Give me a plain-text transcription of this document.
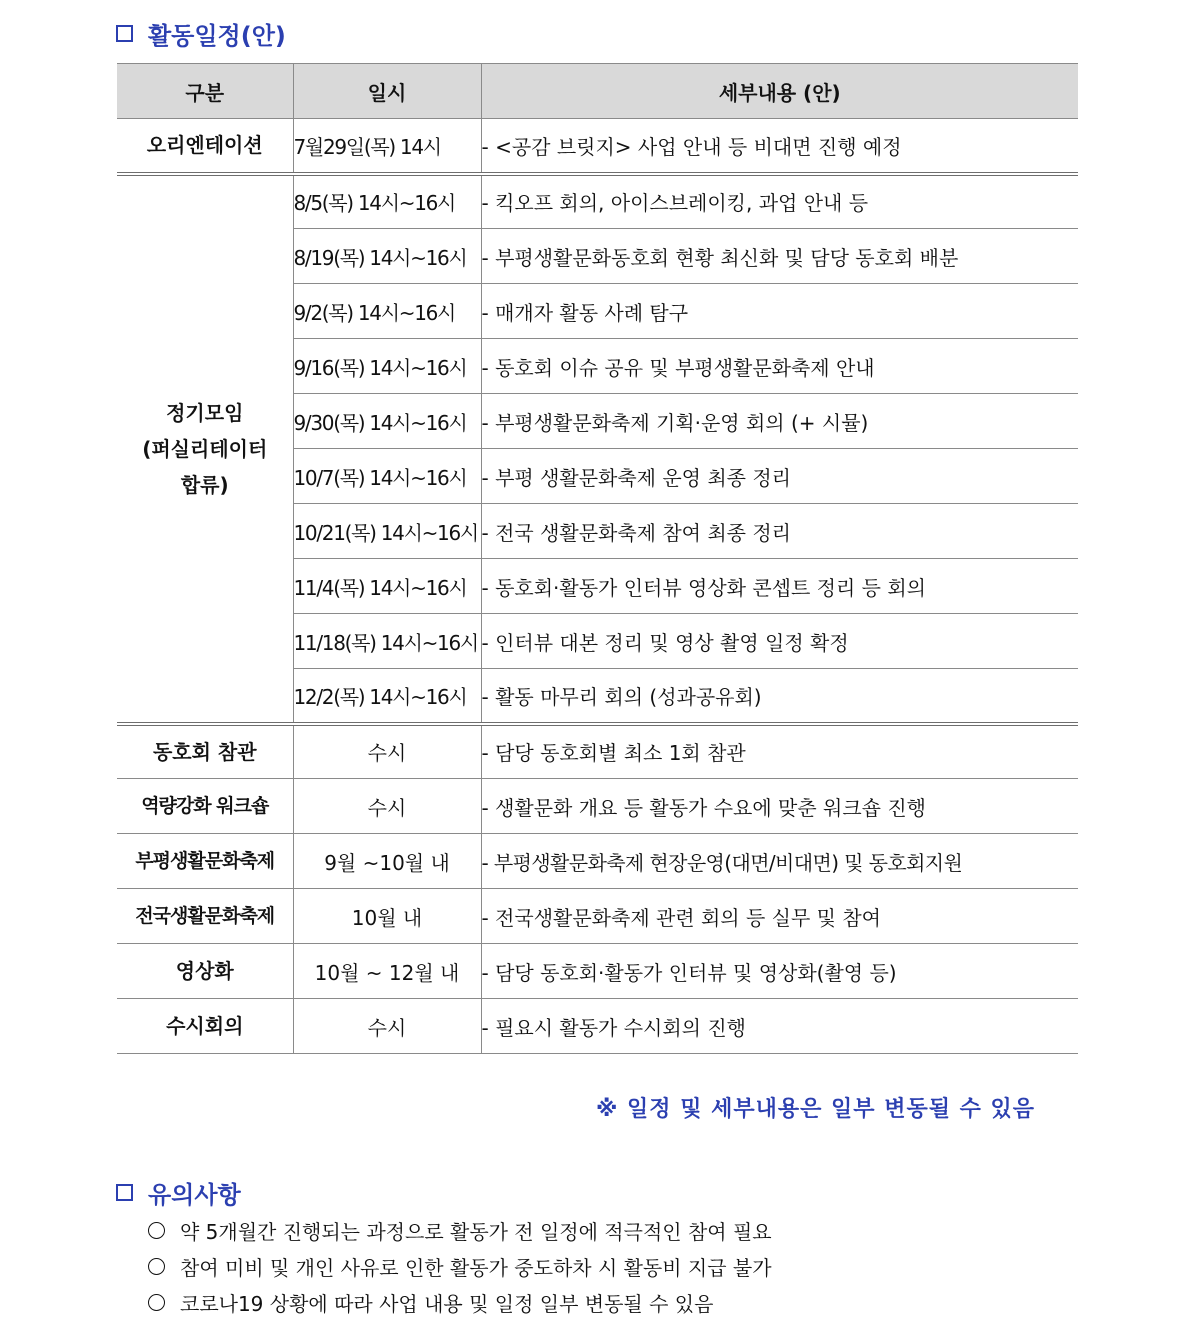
활동일정(안)
구분	일시	세부내용 (안)
오리엔테이션	7월29일(목) 14시	- <공감 브릿지> 사업 안내 등 비대면 진행 예정

정기모임
(퍼실리테이터
합류)	8/5(목) 14시~16시	- 킥오프 회의, 아이스브레이킹, 과업 안내 등
	8/19(목) 14시~16시	- 부평생활문화동호회 현황 최신화 및 담당 동호회 배분
	9/2(목) 14시~16시	- 매개자 활동 사례 탐구
	9/16(목) 14시~16시	- 동호회 이슈 공유 및 부평생활문화축제 안내
	9/30(목) 14시~16시	- 부평생활문화축제 기획·운영 회의 (+ 시뮬)
	10/7(목) 14시~16시	- 부평 생활문화축제 운영 최종 정리
	10/21(목) 14시~16시	- 전국 생활문화축제 참여 최종 정리
	11/4(목) 14시~16시	- 동호회·활동가 인터뷰 영상화 콘셉트 정리 등 회의
	11/18(목) 14시~16시	- 인터뷰 대본 정리 및 영상 촬영 일정 확정
	12/2(목) 14시~16시	- 활동 마무리 회의 (성과공유회)
동호회 참관	수시	- 담당 동호회별 최소 1회 참관
역량강화 워크숍	수시	- 생활문화 개요 등 활동가 수요에 맞춘 워크숍 진행
부평생활문화축제	9월 ~10월 내	- 부평생활문화축제 현장운영(대면/비대면) 및 동호회지원
전국생활문화축제	10월 내	- 전국생활문화축제 관련 회의 등 실무 및 참여
영상화	10월 ~ 12월 내	- 담당 동호회·활동가 인터뷰 및 영상화(촬영 등)
수시회의	수시	- 필요시 활동가 수시회의 진행
※ 일정 및 세부내용은 일부 변동될 수 있음
유의사항
약 5개월간 진행되는 과정으로 활동가 전 일정에 적극적인 참여 필요
참여 미비 및 개인 사유로 인한 활동가 중도하차 시 활동비 지급 불가
코로나19 상황에 따라 사업 내용 및 일정 일부 변동될 수 있음
